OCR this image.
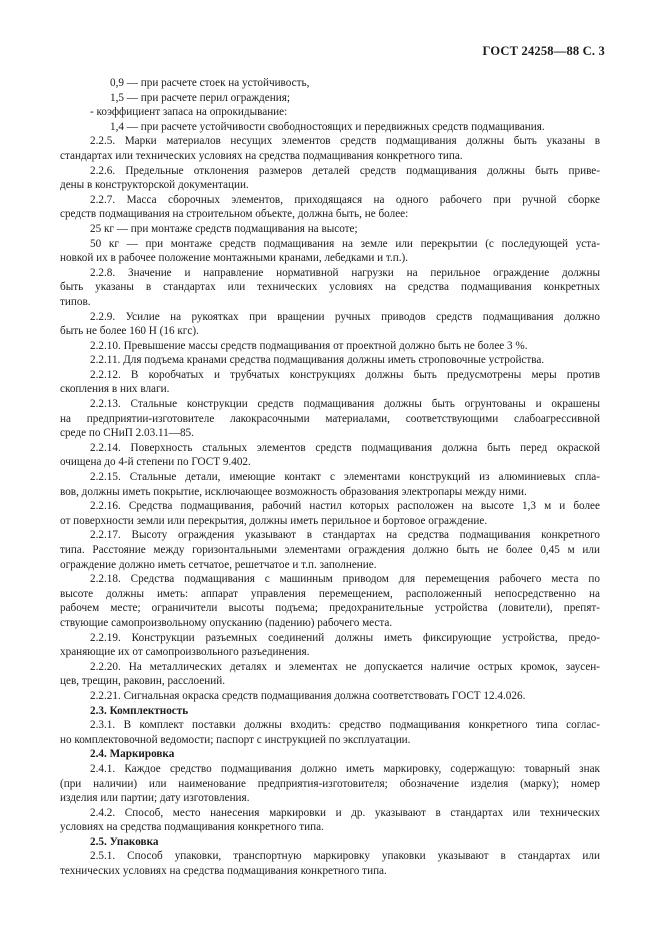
ГОСТ 24258—88 С. 3
0,9 — при расчете стоек на устойчивость,
1,5 — при расчете перил ограждения;
- коэффициент запаса на опрокидывание:
1,4 — при расчете устойчивости свободностоящих и передвижных средств подмащивания.
2.2.5. Марки материалов несущих элементов средств подмащивания должны быть указаны в
стандартах или технических условиях на средства подмащивания конкретного типа.
2.2.6. Предельные отклонения размеров деталей средств подмащивания должны быть приве-
дены в конструкторской документации.
2.2.7. Масса сборочных элементов, приходящаяся на одного рабочего при ручной сборке
средств подмащивания на строительном объекте, должна быть, не более:
25 кг — при монтаже средств подмащивания на высоте;
50 кг — при монтаже средств подмащивания на земле или перекрытии (с последующей уста-
новкой их в рабочее положение монтажными кранами, лебедками и т.п.).
2.2.8. Значение и направление нормативной нагрузки на перильное ограждение должны
быть указаны в стандартах или технических условиях на средства подмащивания конкретных
типов.
2.2.9. Усилие на рукоятках при вращении ручных приводов средств подмащивания должно
быть не более 160 Н (16 кгс).
2.2.10. Превышение массы средств подмащивания от проектной должно быть не более 3 %.
2.2.11. Для подъема кранами средства подмащивания должны иметь строповочные устройства.
2.2.12. В коробчатых и трубчатых конструкциях должны быть предусмотрены меры против
скопления в них влаги.
2.2.13. Стальные конструкции средств подмащивания должны быть огрунтованы и окрашены
на предприятии-изготовителе лакокрасочными материалами, соответствующими слабоагрессивной
среде по СНиП 2.03.11—85.
2.2.14. Поверхность стальных элементов средств подмащивания должна быть перед окраской
очищена до 4-й степени по ГОСТ 9.402.
2.2.15. Стальные детали, имеющие контакт с элементами конструкций из алюминиевых спла-
вов, должны иметь покрытие, исключающее возможность образования электропары между ними.
2.2.16. Средства подмащивания, рабочий настил которых расположен на высоте 1,3 м и более
от поверхности земли или перекрытия, должны иметь перильное и бортовое ограждение.
2.2.17. Высоту ограждения указывают в стандартах на средства подмащивания конкретного
типа. Расстояние между горизонтальными элементами ограждения должно быть не более 0,45 м или
ограждение должно иметь сетчатое, решетчатое и т.п. заполнение.
2.2.18. Средства подмащивания с машинным приводом для перемещения рабочего места по
высоте должны иметь: аппарат управления перемещением, расположенный непосредственно на
рабочем месте; ограничители высоты подъема; предохранительные устройства (ловители), препят-
ствующие самопроизвольному опусканию (падению) рабочего места.
2.2.19. Конструкции разъемных соединений должны иметь фиксирующие устройства, предо-
храняющие их от самопроизвольного разъединения.
2.2.20. На металлических деталях и элементах не допускается наличие острых кромок, заусен-
цев, трещин, раковин, расслоений.
2.2.21. Сигнальная окраска средств подмащивания должна соответствовать ГОСТ 12.4.026.
2.3. Комплектность
2.3.1. В комплект поставки должны входить: средство подмащивания конкретного типа соглас-
но комплектовочной ведомости; паспорт с инструкцией по эксплуатации.
2.4. Маркировка
2.4.1. Каждое средство подмащивания должно иметь маркировку, содержащую: товарный знак
(при наличии) или наименование предприятия-изготовителя; обозначение изделия (марку); номер
изделия или партии; дату изготовления.
2.4.2. Способ, место нанесения маркировки и др. указывают в стандартах или технических
условиях на средства подмащивания конкретного типа.
2.5. Упаковка
2.5.1. Способ упаковки, транспортную маркировку упаковки указывают в стандартах или
технических условиях на средства подмащивания конкретного типа.
